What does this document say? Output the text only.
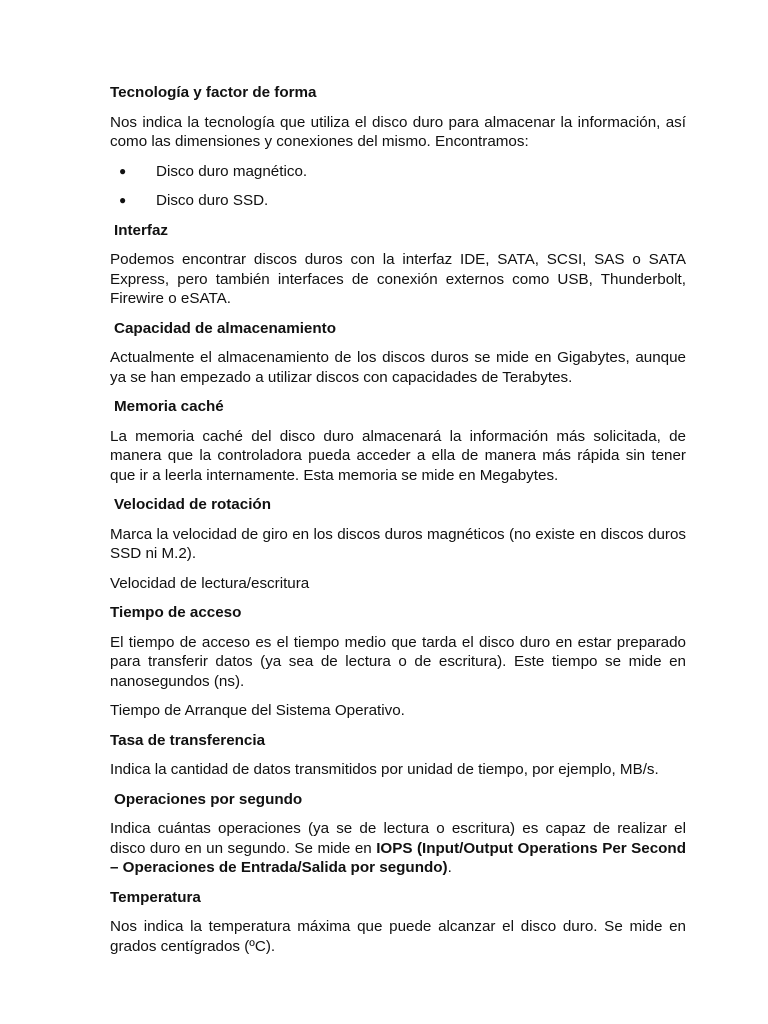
Tecnología y factor de forma

Nos indica la tecnología que utiliza el disco duro para almacenar la información, así como las dimensiones y conexiones del mismo. Encontramos:

● Disco duro magnético.
● Disco duro SSD.
Interfaz

Podemos encontrar discos duros con la interfaz IDE, SATA, SCSI, SAS o SATA Express, pero también interfaces de conexión externos como USB, Thunderbolt, Firewire o eSATA.

Capacidad de almacenamiento

Actualmente el almacenamiento de los discos duros se mide en Gigabytes, aunque ya se han empezado a utilizar discos con capacidades de Terabytes.

Memoria caché

La memoria caché del disco duro almacenará la información más solicitada, de manera que la controladora pueda acceder a ella de manera más rápida sin tener que ir a leerla internamente. Esta memoria se mide en Megabytes.

Velocidad de rotación

Marca la velocidad de giro en los discos duros magnéticos (no existe en discos duros SSD ni M.2).

Velocidad de lectura/escritura

Tiempo de acceso

El tiempo de acceso es el tiempo medio que tarda el disco duro en estar preparado para transferir datos (ya sea de lectura o de escritura). Este tiempo se mide en nanosegundos (ns).

Tiempo de Arranque del Sistema Operativo.

Tasa de transferencia

Indica la cantidad de datos transmitidos por unidad de tiempo, por ejemplo, MB/s.

Operaciones por segundo

Indica cuántas operaciones (ya se de lectura o escritura) es capaz de realizar el disco duro en un segundo. Se mide en IOPS (Input/Output Operations Per Second – Operaciones de Entrada/Salida por segundo).

Temperatura

Nos indica la temperatura máxima que puede alcanzar el disco duro. Se mide en grados centígrados (ºC).
